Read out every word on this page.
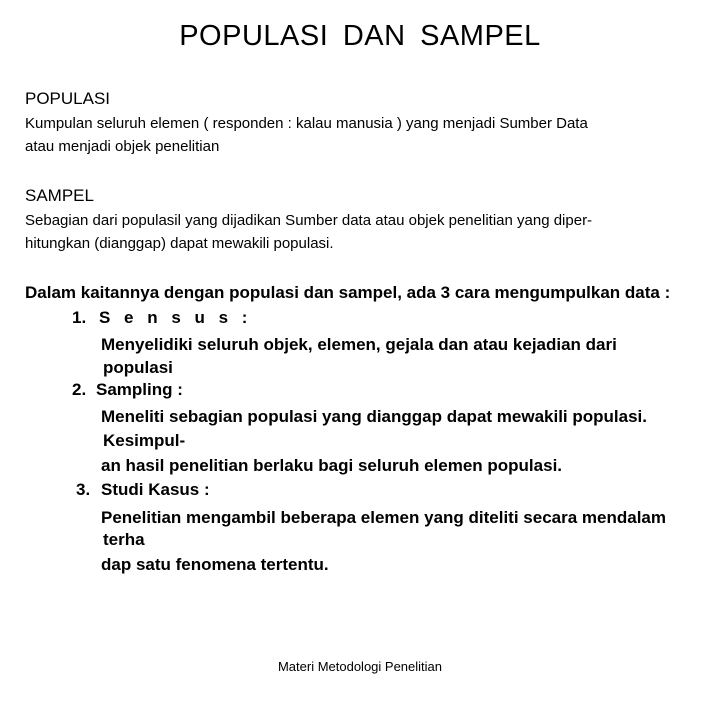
POPULASI DAN SAMPEL
POPULASI
Kumpulan seluruh elemen ( responden : kalau manusia ) yang menjadi Sumber Data
atau menjadi objek penelitian
SAMPEL
Sebagian dari populasil yang dijadikan Sumber data atau objek penelitian yang diper-
hitungkan (dianggap) dapat mewakili populasi.
Dalam kaitannya dengan populasi dan sampel, ada 3 cara mengumpulkan data :
1. S e n s u s :
Menyelidiki seluruh objek, elemen, gejala dan atau kejadian dari
populasi
2. Sampling :
Meneliti sebagian populasi yang dianggap dapat mewakili populasi.
Kesimpul-
an hasil penelitian berlaku bagi seluruh elemen populasi.
3. Studi Kasus :
Penelitian mengambil beberapa elemen yang diteliti secara mendalam
terha
dap satu fenomena tertentu.
Materi Metodologi Penelitian
